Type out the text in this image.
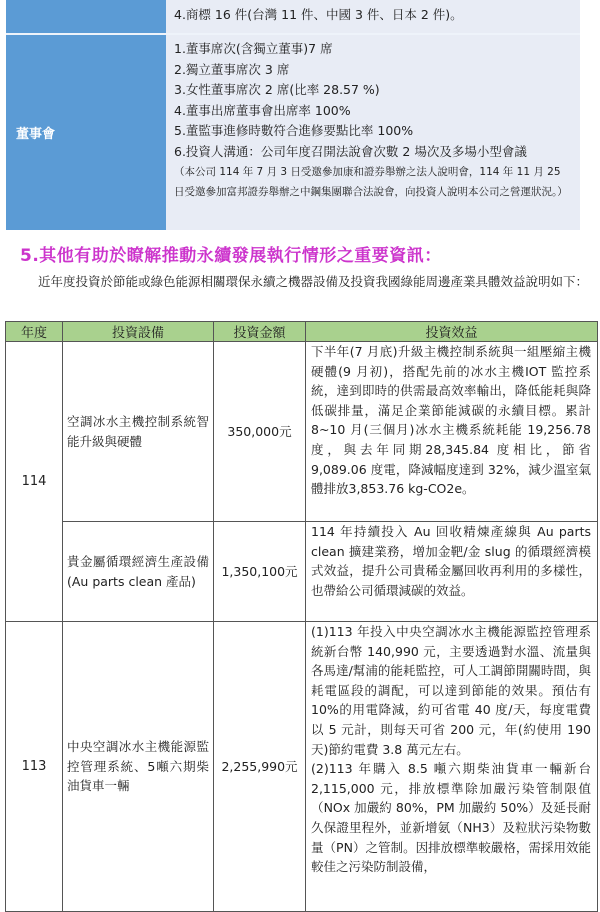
4.商標 16 件(台灣 11 件、中國 3 件、日本 2 件)。
董事會
1.董事席次(含獨立董事)7 席
2.獨立董事席次 3 席
3.女性董事席次 2 席(比率 28.57 %)
4.董事出席董事會出席率 100%
5.董監事進修時數符合進修要點比率 100%
6.投資人溝通：公司年度召開法說會次數 2 場次及多場小型會議
（本公司 114 年 7 月 3 日受邀參加康和證券舉辦之法人說明會，114 年 11 月 25 日受邀參加富邦證券舉辦之中鋼集團聯合法說會，向投資人說明本公司之營運狀況。）
5.其他有助於瞭解推動永續發展執行情形之重要資訊：
近年度投資於節能或綠色能源相關環保永續之機器設備及投資我國綠能周邊產業具體效益說明如下：
年度	投資設備	投資金額	投資效益
114	空調冰水主機控制系統智能升級與硬體	350,000元	下半年(7 月底)升級主機控制系統與一組壓縮主機硬體(9 月初)，搭配先前的冰水主機IOT 監控系統，達到即時的供需最高效率輸出，降低能耗與降低碳排量，滿足企業節能減碳的永續目標。累計 8~10 月(三個月)冰水主機系統耗能 19,256.78 度，與去年同期28,345.84 度相比，節省 9,089.06 度電，降減幅度達到 32%，減少溫室氣體排放3,853.76 kg-CO2e。
	貴金屬循環經濟生產設備 (Au parts clean 產品)	1,350,100元	114 年持續投入 Au 回收精煉產線與 Au parts clean 擴建業務，增加金靶/金 slug 的循環經濟模式效益，提升公司貴稀金屬回收再利用的多樣性，也帶給公司循環減碳的效益。
113	中央空調冰水主機能源監控管理系統、5噸六期柴油貨車一輛	2,255,990元	(1)113 年投入中央空調冰水主機能源監控管理系統新台幣 140,990 元，主要透過對水溫、流量與各馬達/幫浦的能耗監控，可人工調節開關時間，與耗電區段的調配，可以達到節能的效果。預估有 10%的用電降減，約可省電 40 度/天，每度電費以 5 元計，則每天可省 200 元，年(約使用 190 天)節約電費 3.8 萬元左右。
(2)113 年購入 8.5 噸六期柴油貨車一輛新台 2,115,000 元，排放標準除加嚴污染管制限值（NOx 加嚴約 80%，PM 加嚴約 50%）及延長耐久保證里程外，並新增氨（NH3）及粒狀污染物數量（PN）之管制。因排放標準較嚴格，需採用效能較佳之污染防制設備，
